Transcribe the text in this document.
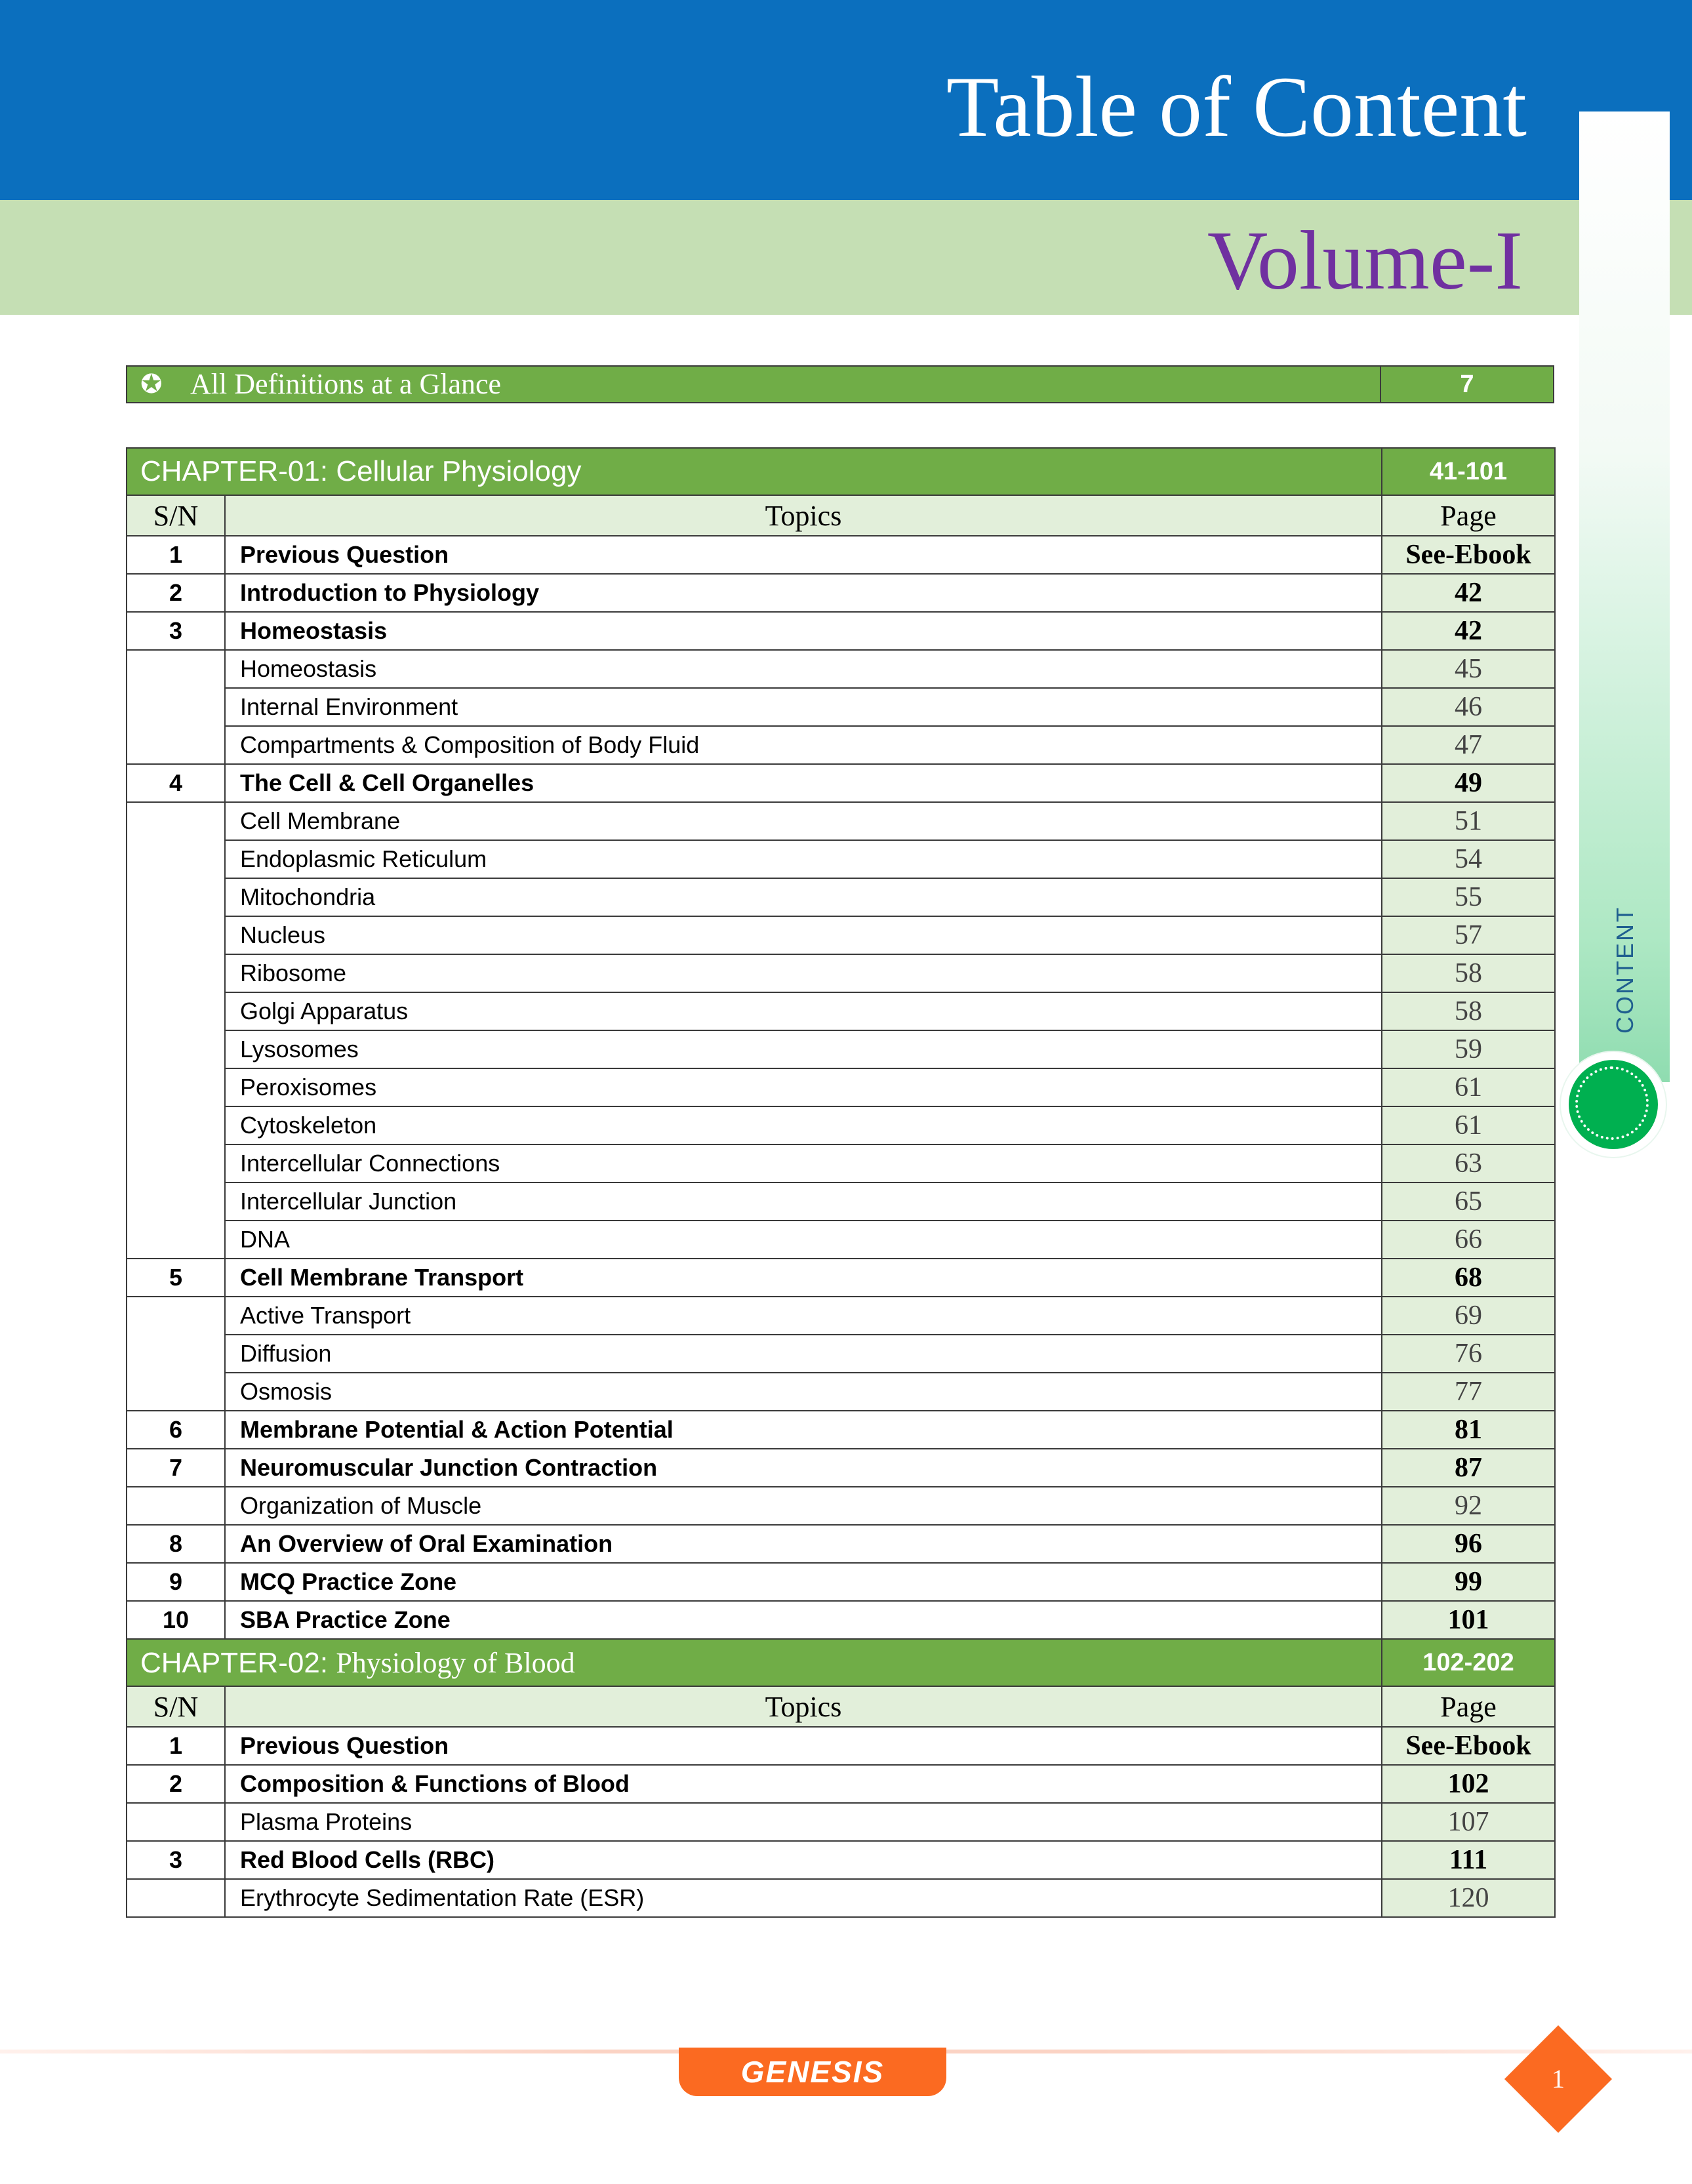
Table of Content
Volume-I
CONTENT
✪ All Definitions at a Glance	7
CHAPTER-01: Cellular Physiology		41-101
S/N	Topics	Page
1	Previous Question	See-Ebook
2	Introduction to Physiology	42
3	Homeostasis	42
	Homeostasis	45
	Internal Environment	46
	Compartments & Composition of Body Fluid	47
4	The Cell & Cell Organelles	49
	Cell Membrane	51
	Endoplasmic Reticulum	54
	Mitochondria	55
	Nucleus	57
	Ribosome	58
	Golgi Apparatus	58
	Lysosomes	59
	Peroxisomes	61
	Cytoskeleton	61
	Intercellular Connections	63
	Intercellular Junction	65
	DNA	66
5	Cell Membrane Transport	68
	Active Transport	69
	Diffusion	76
	Osmosis	77
6	Membrane Potential & Action Potential	81
7	Neuromuscular Junction Contraction	87
	Organization of Muscle	92
8	An Overview of Oral Examination	96
9	MCQ Practice Zone	99
10	SBA Practice Zone	101
CHAPTER-02: Physiology of Blood		102-202
S/N	Topics	Page
1	Previous Question	See-Ebook
2	Composition & Functions of Blood	102
	Plasma Proteins	107
3	Red Blood Cells (RBC)	111
	Erythrocyte Sedimentation Rate (ESR)	120
GENESIS	1
